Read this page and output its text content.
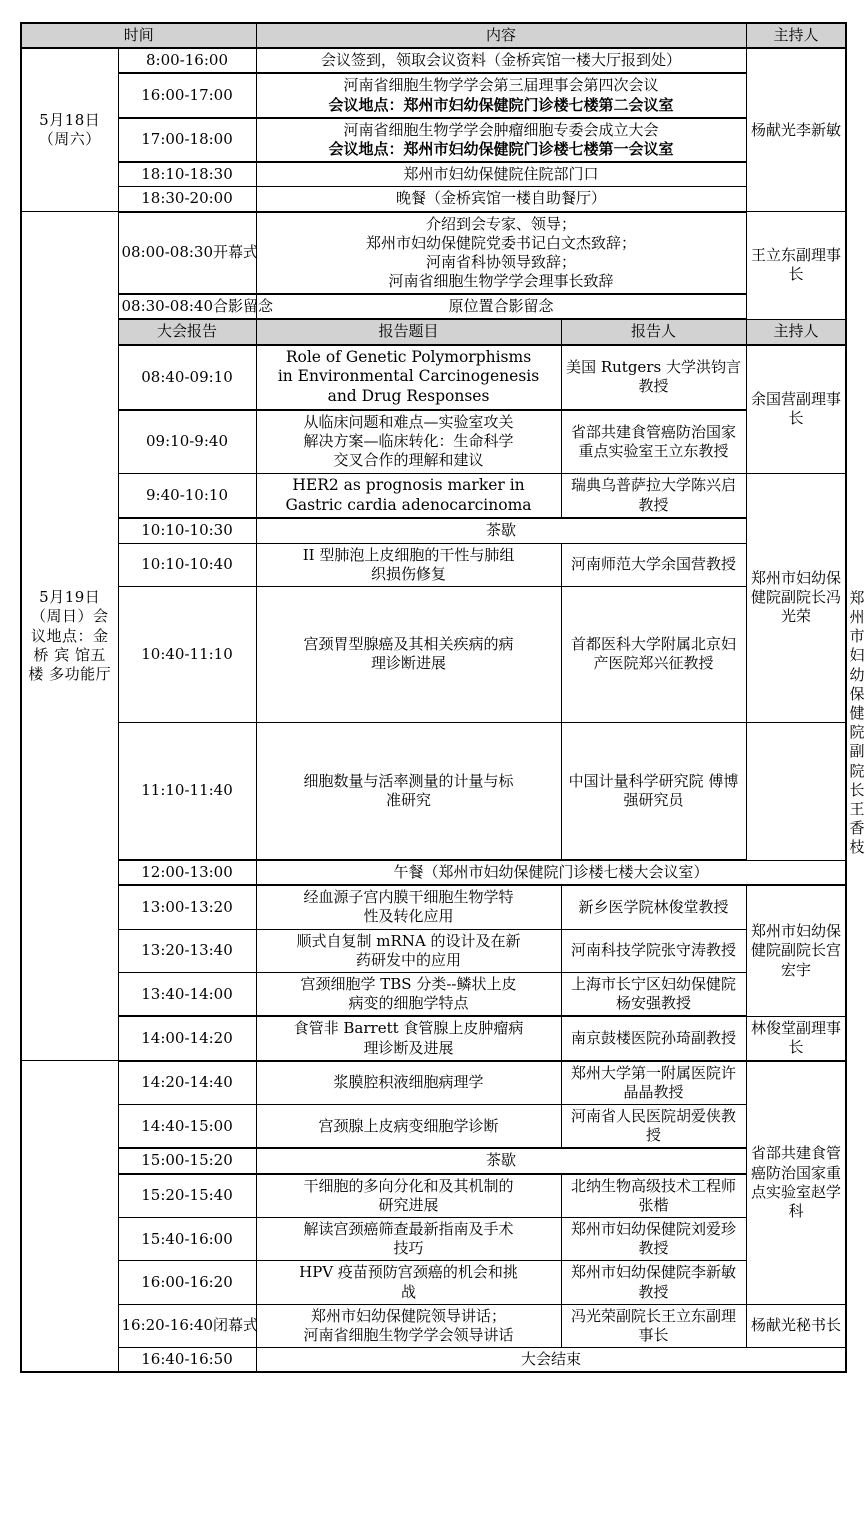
时间		内容		主持人	
5月18日（周六）	8:00-16:00	会议签到，领取会议资料（金桥宾馆一楼大厅报到处）		杨献光李新敏	
	16:00-17:00	河南省细胞生物学学会第三届理事会第四次会议
会议地点：郑州市妇幼保健院门诊楼七楼第二会议室			

	17:00-18:00	河南省细胞生物学学会肿瘤细胞专委会成立大会
会议地点：郑州市妇幼保健院门诊楼七楼第一会议室			

	18:10-18:30	郑州市妇幼保健院住院部门口			

	18:30-20:00	晚餐（金桥宾馆一楼自助餐厅）			

5月19日（周日）会　议地点：金桥 宾 馆五 楼 多功能厅	08:00-08:30开幕式	介绍到会专家、领导；
郑州市妇幼保健院党委书记白文杰致辞；
河南省科协领导致辞；
河南省细胞生物学学会理事长致辞		王立东副理事长	
	08:30-08:40合影留念	原位置合影留念			

	大会报告	报告题目	报告人	主持人	
	08:40-09:10	Role of Genetic Polymorphisms
in Environmental Carcinogenesis
and Drug Responses	美国 Rutgers 大学洪钧言教授	余国营副理事长	
	09:10-9:40	从临床问题和难点—实验室攻关
解决方案—临床转化：生命科学
交叉合作的理解和建议	省部共建食管癌防治国家重点实验室王立东教授		
	9:40-10:10	HER2 as prognosis marker in
Gastric cardia adenocarcinoma	瑞典乌普萨拉大学陈兴启教授	郑州市妇幼保健院副院长冯光荣	
	10:10-10:30	茶歇			

	10:10-10:40	II 型肺泡上皮细胞的干性与肺组
织损伤修复	河南师范大学余国营教授		
	10:40-11:10	宫颈胃型腺癌及其相关疾病的病
理诊断进展	首都医科大学附属北京妇产医院郑兴征教授		郑州市妇幼保健院副院长王香枝
	11:10-11:40	细胞数量与活率测量的计量与标
准研究	中国计量科学研究院 傅博强研究员		
	12:00-13:00	午餐（郑州市妇幼保健院门诊楼七楼大会议室）			

	13:00-13:20	经血源子宫内膜干细胞生物学特
性及转化应用	新乡医学院林俊堂教授	郑州市妇幼保健院副院长宫宏宇	
	13:20-13:40	顺式自复制 mRNA 的设计及在新
药研发中的应用	河南科技学院张守涛教授		
	13:40-14:00	宫颈细胞学 TBS 分类--鳞状上皮
病变的细胞学特点	上海市长宁区妇幼保健院杨安强教授		
	14:00-14:20	食管非 Barrett 食管腺上皮肿瘤病
理诊断及进展	南京鼓楼医院孙琦副教授	林俊堂副理事长	
	14:20-14:40	浆膜腔积液细胞病理学	郑州大学第一附属医院许晶晶教授	省部共建食管癌防治国家重点实验室赵学科	
	14:40-15:00	宫颈腺上皮病变细胞学诊断	河南省人民医院胡爱侠教授		
	15:00-15:20	茶歇			

	15:20-15:40	干细胞的多向分化和及其机制的
研究进展	北纳生物高级技术工程师张楷		
	15:40-16:00	解读宫颈癌筛查最新指南及手术
技巧	郑州市妇幼保健院刘爱珍教授		
	16:00-16:20	HPV 疫苗预防宫颈癌的机会和挑
战	郑州市妇幼保健院李新敏教授		
	16:20-16:40闭幕式	郑州市妇幼保健院领导讲话；
河南省细胞生物学学会领导讲话	冯光荣副院长王立东副理事长	杨献光秘书长	
	16:40-16:50	大会结束			
